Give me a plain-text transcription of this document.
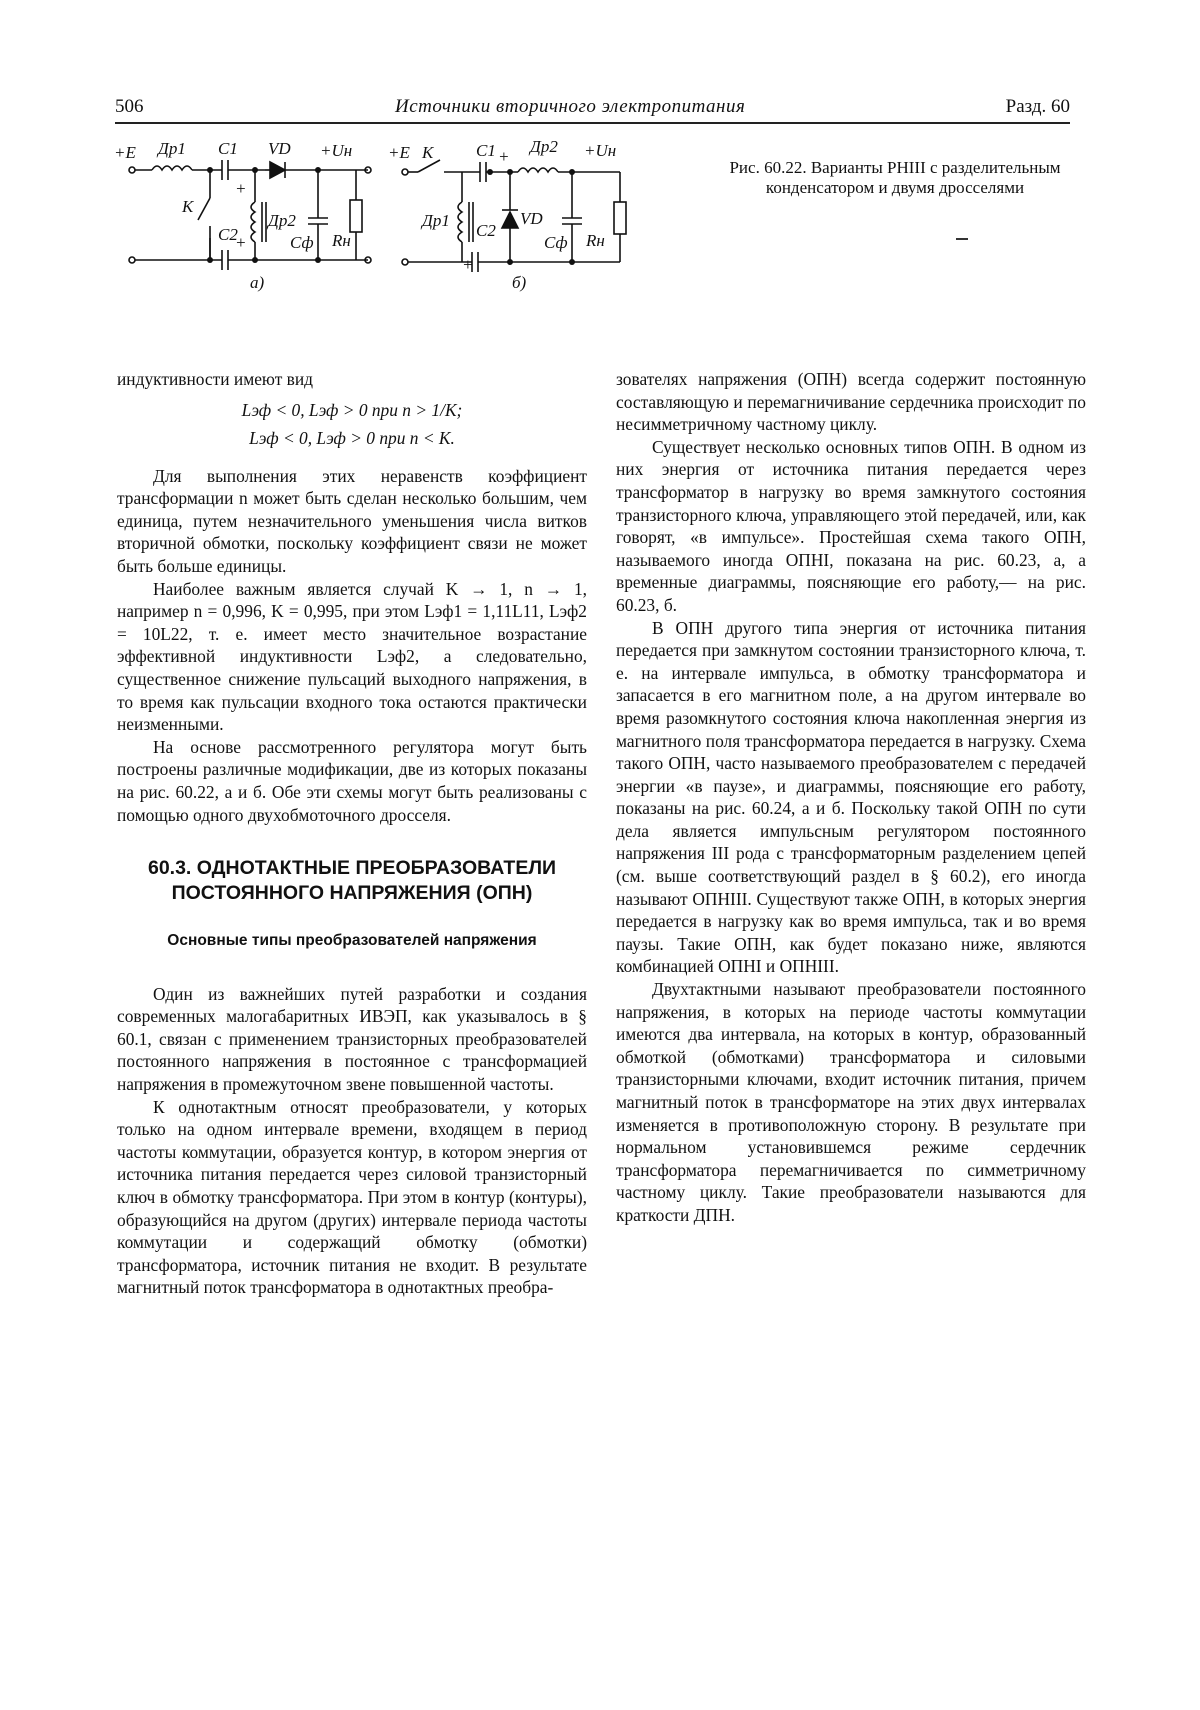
506	Источники вторичного электропитания	Разд. 60
+E Др1 С1 VD +Uн
К
С2
Др2
Сф Rн
+
+
а)
+E К	С1 +
Др2 +Uн
Др1
С2
VD
Сф Rн
+
б)
Рис. 60.22. Варианты РНIII с разделительным конденсатором и двумя дросселями

индуктивности имеют вид

Lэф < 0, Lэф > 0 при n > 1/K;
Lэф < 0, Lэф > 0 при n < K.

Для выполнения этих неравенств коэффициент трансформации n может быть сделан несколько большим, чем единица, путем незначительного уменьшения числа витков вторичной обмотки, поскольку коэффициент связи не может быть больше единицы.

Наиболее важным является случай K → 1, n → 1, например n = 0,996, K = 0,995, при этом Lэф1 = 1,11L11, Lэф2 = 10L22, т. е. имеет место значительное возрастание эффективной индуктивности Lэф2, а следовательно, существенное снижение пульсаций выходного напряжения, в то время как пульсации входного тока остаются практически неизменными.

На основе рассмотренного регулятора могут быть построены различные модификации, две из которых показаны на рис. 60.22, а и б. Обе эти схемы могут быть реализованы с помощью одного двухобмоточного дросселя.

60.3. ОДНОТАКТНЫЕ ПРЕОБРАЗОВАТЕЛИ ПОСТОЯННОГО НАПРЯЖЕНИЯ (ОПН)
Основные типы преобразователей напряжения

Один из важнейших путей разработки и создания современных малогабаритных ИВЭП, как указывалось в § 60.1, связан с применением транзисторных преобразователей постоянного напряжения в постоянное с трансформацией напряжения в промежуточном звене повышенной частоты.

К однотактным относят преобразователи, у которых только на одном интервале времени, входящем в период частоты коммутации, образуется контур, в котором энергия от источника питания передается через силовой транзисторный ключ в обмотку трансформатора. При этом в контур (контуры), образующийся на другом (других) интервале периода частоты коммутации и содержащий обмотку (обмотки) трансформатора, источник питания не входит. В результате магнитный поток трансформатора в однотактных преобра-

зователях напряжения (ОПН) всегда содержит постоянную составляющую и перемагничивание сердечника происходит по несимметричному частному циклу.

Существует несколько основных типов ОПН. В одном из них энергия от источника питания передается через трансформатор в нагрузку во время замкнутого состояния транзисторного ключа, управляющего этой передачей, или, как говорят, «в импульсе». Простейшая схема такого ОПН, называемого иногда ОПНI, показана на рис. 60.23, а, а временные диаграммы, поясняющие его работу,— на рис. 60.23, б.

В ОПН другого типа энергия от источника питания передается при замкнутом состоянии транзисторного ключа, т. е. на интервале импульса, в обмотку трансформатора и запасается в его магнитном поле, а на другом интервале во время разомкнутого состояния ключа накопленная энергия из магнитного поля трансформатора передается в нагрузку. Схема такого ОПН, часто называемого преобразователем с передачей энергии «в паузе», и диаграммы, поясняющие его работу, показаны на рис. 60.24, а и б. Поскольку такой ОПН по сути дела является импульсным регулятором постоянного напряжения III рода с трансформаторным разделением цепей (см. выше соответствующий раздел в § 60.2), его иногда называют ОПНIII. Существуют также ОПН, в которых энергия передается в нагрузку как во время импульса, так и во время паузы. Такие ОПН, как будет показано ниже, являются комбинацией ОПНI и ОПНIII.

Двухтактными называют преобразователи постоянного напряжения, в которых на периоде частоты коммутации имеются два интервала, на которых в контур, образованный обмоткой (обмотками) трансформатора и силовыми транзисторными ключами, входит источник питания, причем магнитный поток в трансформаторе на этих двух интервалах изменяется в противоположную сторону. В результате при нормальном установившемся режиме сердечник трансформатора перемагничивается по симметричному частному циклу. Такие преобразователи называются для краткости ДПН.
